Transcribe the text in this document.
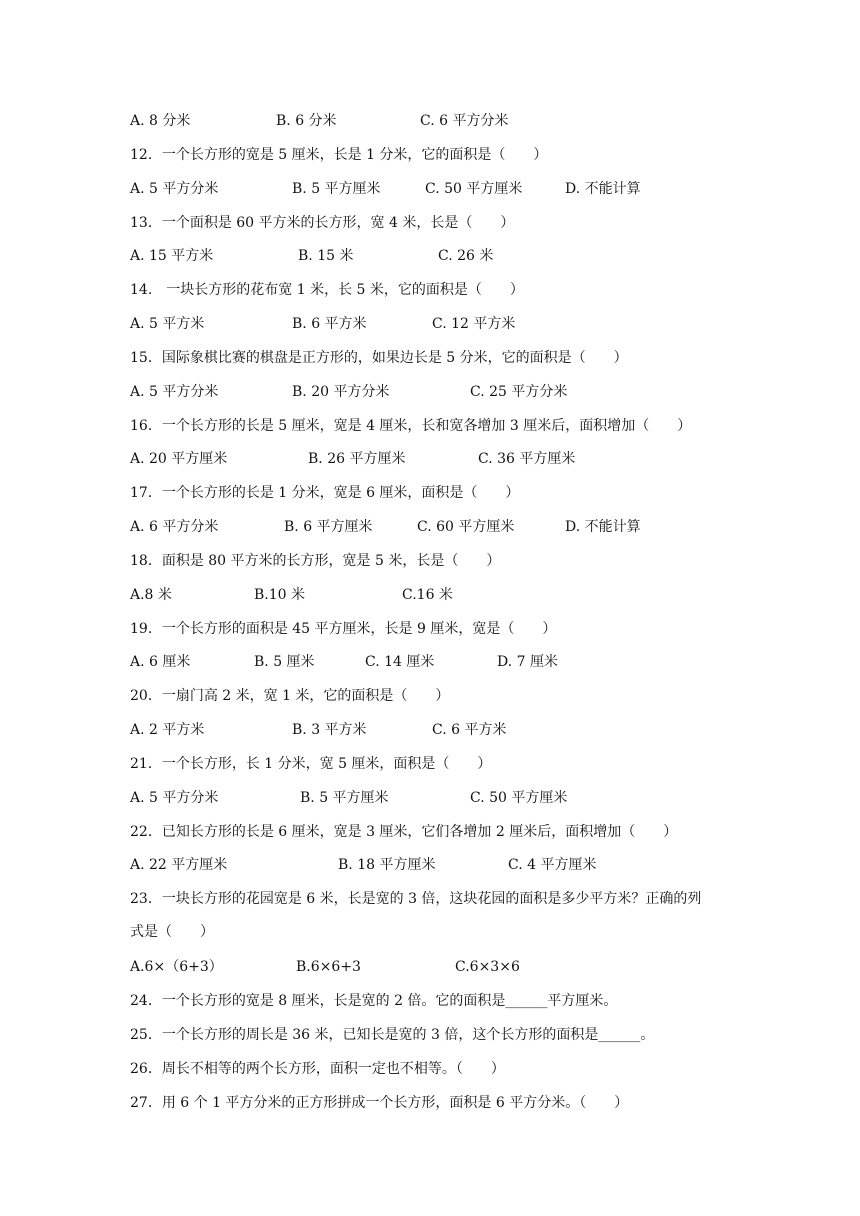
A. 8 分米	B. 6 分米	C. 6 平方分米
12．一个长方形的宽是 5 厘米，长是 1 分米，它的面积是（　　）
A. 5 平方分米	B. 5 平方厘米	C. 50 平方厘米	D. 不能计算
13．一个面积是 60 平方米的长方形，宽 4 米，长是（　　）
A. 15 平方米	B. 15 米	C. 26 米
14.　一块长方形的花布宽 1 米，长 5 米，它的面积是（　　）
A. 5 平方米	B. 6 平方米	C. 12 平方米
15．国际象棋比赛的棋盘是正方形的，如果边长是 5 分米，它的面积是（　　）
A. 5 平方分米	B. 20 平方分米	C. 25 平方分米
16．一个长方形的长是 5 厘米，宽是 4 厘米，长和宽各增加 3 厘米后，面积增加（　　）
A. 20 平方厘米	B. 26 平方厘米	C. 36 平方厘米
17．一个长方形的长是 1 分米，宽是 6 厘米，面积是（　　）
A. 6 平方分米	B. 6 平方厘米	C. 60 平方厘米	D. 不能计算
18．面积是 80 平方米的长方形，宽是 5 米，长是（　　）
A.8 米	B.10 米	C.16 米
19．一个长方形的面积是 45 平方厘米，长是 9 厘米，宽是（　　）
A. 6 厘米	B. 5 厘米	C. 14 厘米	D. 7 厘米
20．一扇门高 2 米，宽 1 米，它的面积是（　　）
A. 2 平方米	B. 3 平方米	C. 6 平方米
21．一个长方形，长 1 分米，宽 5 厘米，面积是（　　）
A. 5 平方分米	B. 5 平方厘米	C. 50 平方厘米
22．已知长方形的长是 6 厘米，宽是 3 厘米，它们各增加 2 厘米后，面积增加（　　）
A. 22 平方厘米	B. 18 平方厘米	C. 4 平方厘米
23．一块长方形的花园宽是 6 米，长是宽的 3 倍，这块花园的面积是多少平方米？正确的列
式是（　　）
A.6×（6+3）	B.6×6+3	C.6×3×6
24．一个长方形的宽是 8 厘米，长是宽的 2 倍。它的面积是______平方厘米。
25．一个长方形的周长是 36 米，已知长是宽的 3 倍，这个长方形的面积是______。
26．周长不相等的两个长方形，面积一定也不相等。（　　）
27．用 6 个 1 平方分米的正方形拼成一个长方形，面积是 6 平方分米。（　　）
